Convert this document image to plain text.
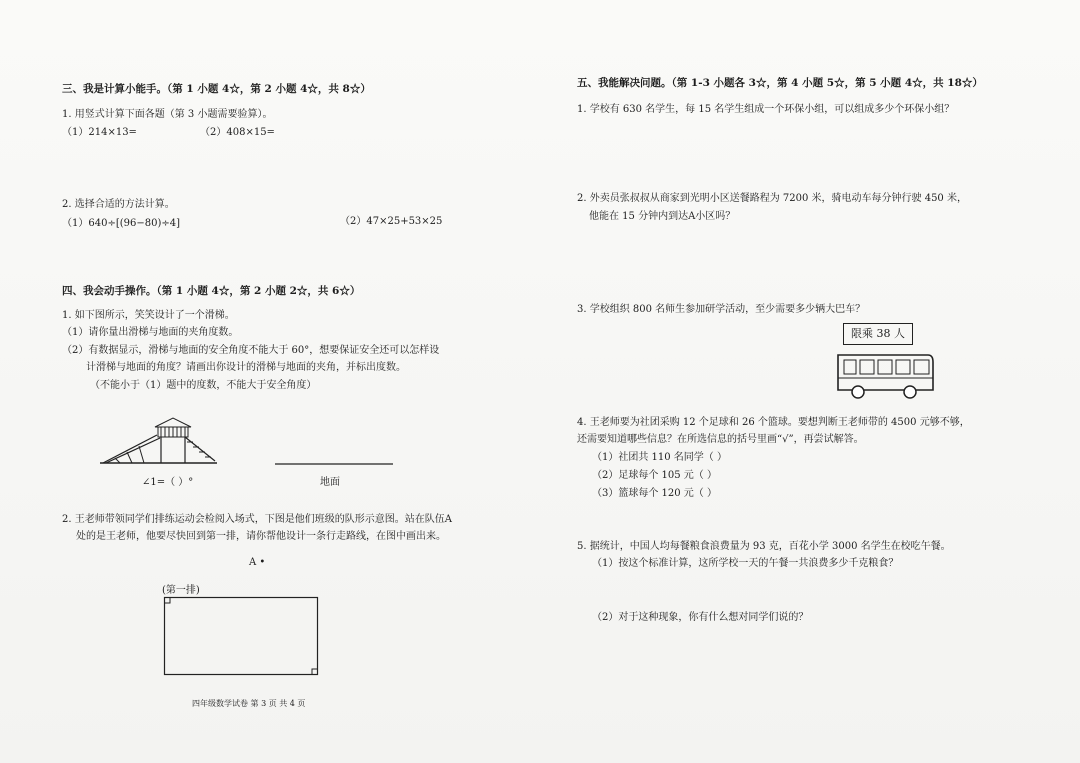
三、我是计算小能手。（第 1 小题 4☆，第 2 小题 4☆，共 8☆）
1. 用竖式计算下面各题（第 3 小题需要验算）。
（1）214×13=	（2）408×15=
2. 选择合适的方法计算。
（1）640÷[(96−80)÷4]	（2）47×25+53×25
四、我会动手操作。（第 1 小题 4☆，第 2 小题 2☆，共 6☆）
1. 如下图所示，笑笑设计了一个滑梯。
（1）请你量出滑梯与地面的夹角度数。
（2）有数据显示，滑梯与地面的安全角度不能大于 60°，想要保证安全还可以怎样设
计滑梯与地面的角度？请画出你设计的滑梯与地面的夹角，并标出度数。
（不能小于（1）题中的度数，不能大于安全角度）
∠1=（ ）°	地面
2. 王老师带领同学们排练运动会检阅入场式，下图是他们班级的队形示意图。站在队伍A
处的是王老师，他要尽快回到第一排，请你帮他设计一条行走路线，在图中画出来。
A •
(第一排)
四年级数学试卷 第 3 页 共 4 页
五、我能解决问题。（第 1-3 小题各 3☆，第 4 小题 5☆，第 5 小题 4☆，共 18☆）
1. 学校有 630 名学生，每 15 名学生组成一个环保小组，可以组成多少个环保小组？
2. 外卖员张叔叔从商家到光明小区送餐路程为 7200 米，骑电动车每分钟行驶 450 米，
他能在 15 分钟内到达A小区吗？
3. 学校组织 800 名师生参加研学活动，至少需要多少辆大巴车？
限乘 38 人
4. 王老师要为社团采购 12 个足球和 26 个篮球。要想判断王老师带的 4500 元够不够，
还需要知道哪些信息？在所选信息的括号里画“√”，再尝试解答。
（1）社团共 110 名同学（ ）
（2）足球每个 105 元（ ）
（3）篮球每个 120 元（ ）
5. 据统计，中国人均每餐粮食浪费量为 93 克，百花小学 3000 名学生在校吃午餐。
（1）按这个标准计算，这所学校一天的午餐一共浪费多少千克粮食？
（2）对于这种现象，你有什么想对同学们说的？
